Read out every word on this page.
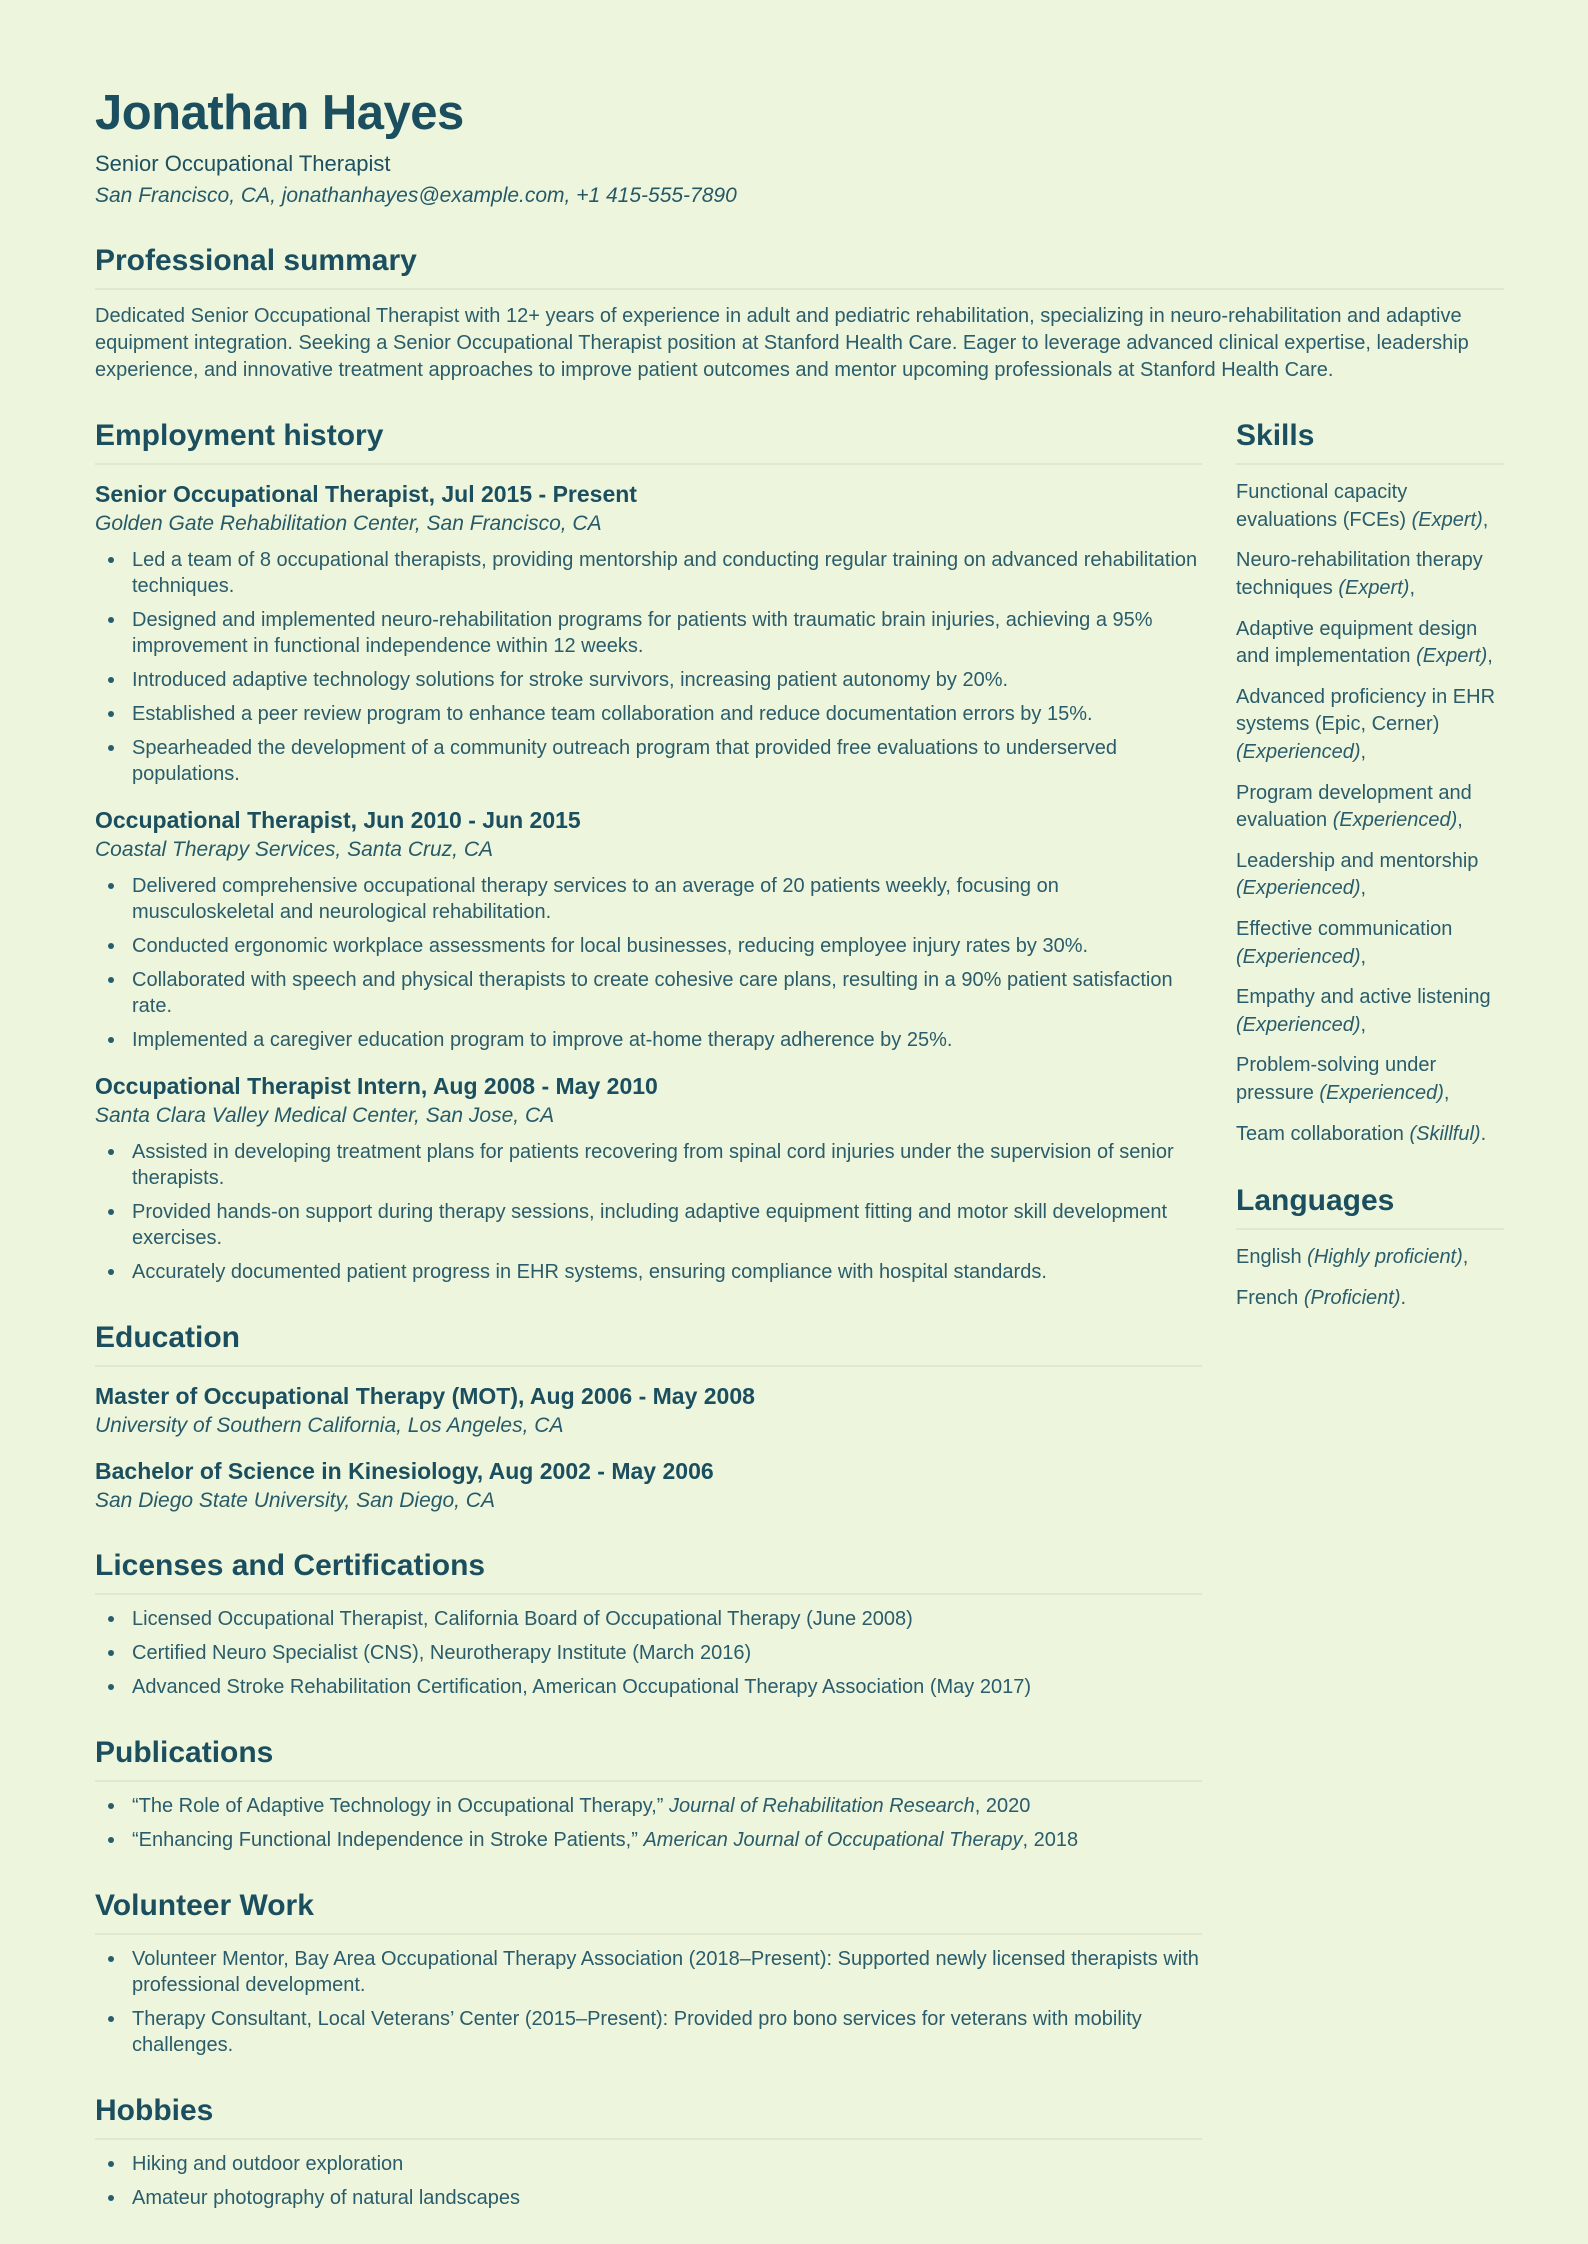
Jonathan Hayes
Senior Occupational Therapist
San Francisco, CA, jonathanhayes@example.com, +1 415-555-7890
Professional summary

Dedicated Senior Occupational Therapist with 12+ years of experience in adult and pediatric rehabilitation, specializing in neuro-rehabilitation and adaptive equipment integration. Seeking a Senior Occupational Therapist position at Stanford Health Care. Eager to leverage advanced clinical expertise, leadership experience, and innovative treatment approaches to improve patient outcomes and mentor upcoming professionals at Stanford Health Care.

Employment history
Senior Occupational Therapist, Jul 2015 - Present
Golden Gate Rehabilitation Center, San Francisco, CA
Led a team of 8 occupational therapists, providing mentorship and conducting regular training on advanced rehabilitation techniques.
Designed and implemented neuro-rehabilitation programs for patients with traumatic brain injuries, achieving a 95% improvement in functional independence within 12 weeks.
Introduced adaptive technology solutions for stroke survivors, increasing patient autonomy by 20%.
Established a peer review program to enhance team collaboration and reduce documentation errors by 15%.
Spearheaded the development of a community outreach program that provided free evaluations to underserved populations.
Occupational Therapist, Jun 2010 - Jun 2015
Coastal Therapy Services, Santa Cruz, CA
Delivered comprehensive occupational therapy services to an average of 20 patients weekly, focusing on musculoskeletal and neurological rehabilitation.
Conducted ergonomic workplace assessments for local businesses, reducing employee injury rates by 30%.
Collaborated with speech and physical therapists to create cohesive care plans, resulting in a 90% patient satisfaction rate.
Implemented a caregiver education program to improve at-home therapy adherence by 25%.
Occupational Therapist Intern, Aug 2008 - May 2010
Santa Clara Valley Medical Center, San Jose, CA
Assisted in developing treatment plans for patients recovering from spinal cord injuries under the supervision of senior therapists.
Provided hands-on support during therapy sessions, including adaptive equipment fitting and motor skill development exercises.
Accurately documented patient progress in EHR systems, ensuring compliance with hospital standards.
Education
Master of Occupational Therapy (MOT), Aug 2006 - May 2008
University of Southern California, Los Angeles, CA
Bachelor of Science in Kinesiology, Aug 2002 - May 2006
San Diego State University, San Diego, CA
Licenses and Certifications
Licensed Occupational Therapist, California Board of Occupational Therapy (June 2008)
Certified Neuro Specialist (CNS), Neurotherapy Institute (March 2016)
Advanced Stroke Rehabilitation Certification, American Occupational Therapy Association (May 2017)
Publications
“The Role of Adaptive Technology in Occupational Therapy,” Journal of Rehabilitation Research, 2020
“Enhancing Functional Independence in Stroke Patients,” American Journal of Occupational Therapy, 2018
Volunteer Work
Volunteer Mentor, Bay Area Occupational Therapy Association (2018–Present): Supported newly licensed therapists with professional development.
Therapy Consultant, Local Veterans’ Center (2015–Present): Provided pro bono services for veterans with mobility challenges.
Hobbies
Hiking and outdoor exploration
Amateur photography of natural landscapes
Skills
Functional capacity evaluations (FCEs) (Expert),
Neuro-rehabilitation therapy techniques (Expert),
Adaptive equipment design and implementation (Expert),
Advanced proficiency in EHR systems (Epic, Cerner) (Experienced),
Program development and evaluation (Experienced),
Leadership and mentorship (Experienced),
Effective communication (Experienced),
Empathy and active listening (Experienced),
Problem-solving under pressure (Experienced),
Team collaboration (Skillful).
Languages
English (Highly proficient),
French (Proficient).
